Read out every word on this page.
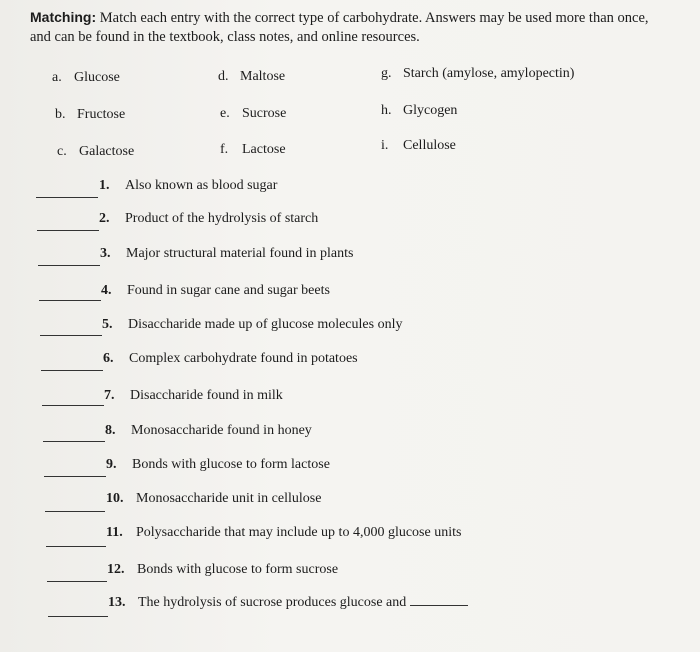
Matching: Match each entry with the correct type of carbohydrate. Answers may be used more than once, and can be found in the textbook, class notes, and online resources.
a. Glucose	d. Maltose	g. Starch (amylose, amylopectin)
b. Fructose	e. Sucrose	h. Glycogen
c. Galactose	f. Lactose	i. Cellulose
1. Also known as blood sugar
2. Product of the hydrolysis of starch
3. Major structural material found in plants
4. Found in sugar cane and sugar beets
5. Disaccharide made up of glucose molecules only
6. Complex carbohydrate found in potatoes
7. Disaccharide found in milk
8. Monosaccharide found in honey
9. Bonds with glucose to form lactose
10. Monosaccharide unit in cellulose
11. Polysaccharide that may include up to 4,000 glucose units
12. Bonds with glucose to form sucrose
13. The hydrolysis of sucrose produces glucose and
